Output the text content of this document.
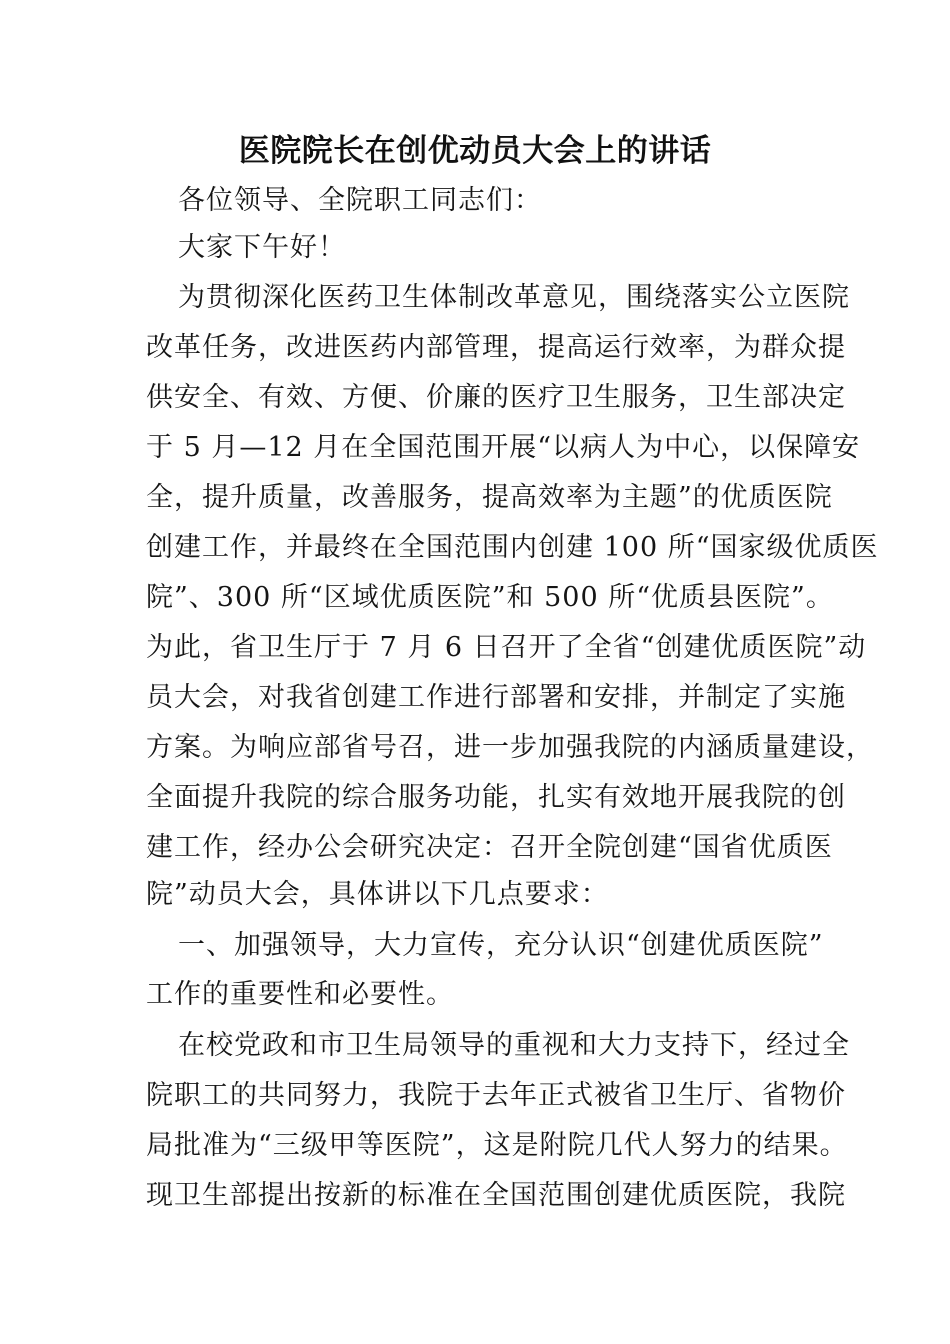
医院院长在创优动员大会上的讲话
各位领导、全院职工同志们：
大家下午好！
为贯彻深化医药卫生体制改革意见，围绕落实公立医院
改革任务，改进医药内部管理，提高运行效率，为群众提
供安全、有效、方便、价廉的医疗卫生服务，卫生部决定
于 5 月—12 月在全国范围开展“以病人为中心，以保障安
全，提升质量，改善服务，提高效率为主题”的优质医院
创建工作，并最终在全国范围内创建 100 所“国家级优质医
院”、300 所“区域优质医院”和 500 所“优质县医院”。
为此，省卫生厅于 7 月 6 日召开了全省“创建优质医院”动
员大会，对我省创建工作进行部署和安排，并制定了实施
方案。为响应部省号召，进一步加强我院的内涵质量建设，
全面提升我院的综合服务功能，扎实有效地开展我院的创
建工作，经办公会研究决定：召开全院创建“国省优质医
院”动员大会，具体讲以下几点要求：
一、加强领导，大力宣传，充分认识“创建优质医院”
工作的重要性和必要性。
在校党政和市卫生局领导的重视和大力支持下，经过全
院职工的共同努力，我院于去年正式被省卫生厅、省物价
局批准为“三级甲等医院”，这是附院几代人努力的结果。
现卫生部提出按新的标准在全国范围创建优质医院，我院
